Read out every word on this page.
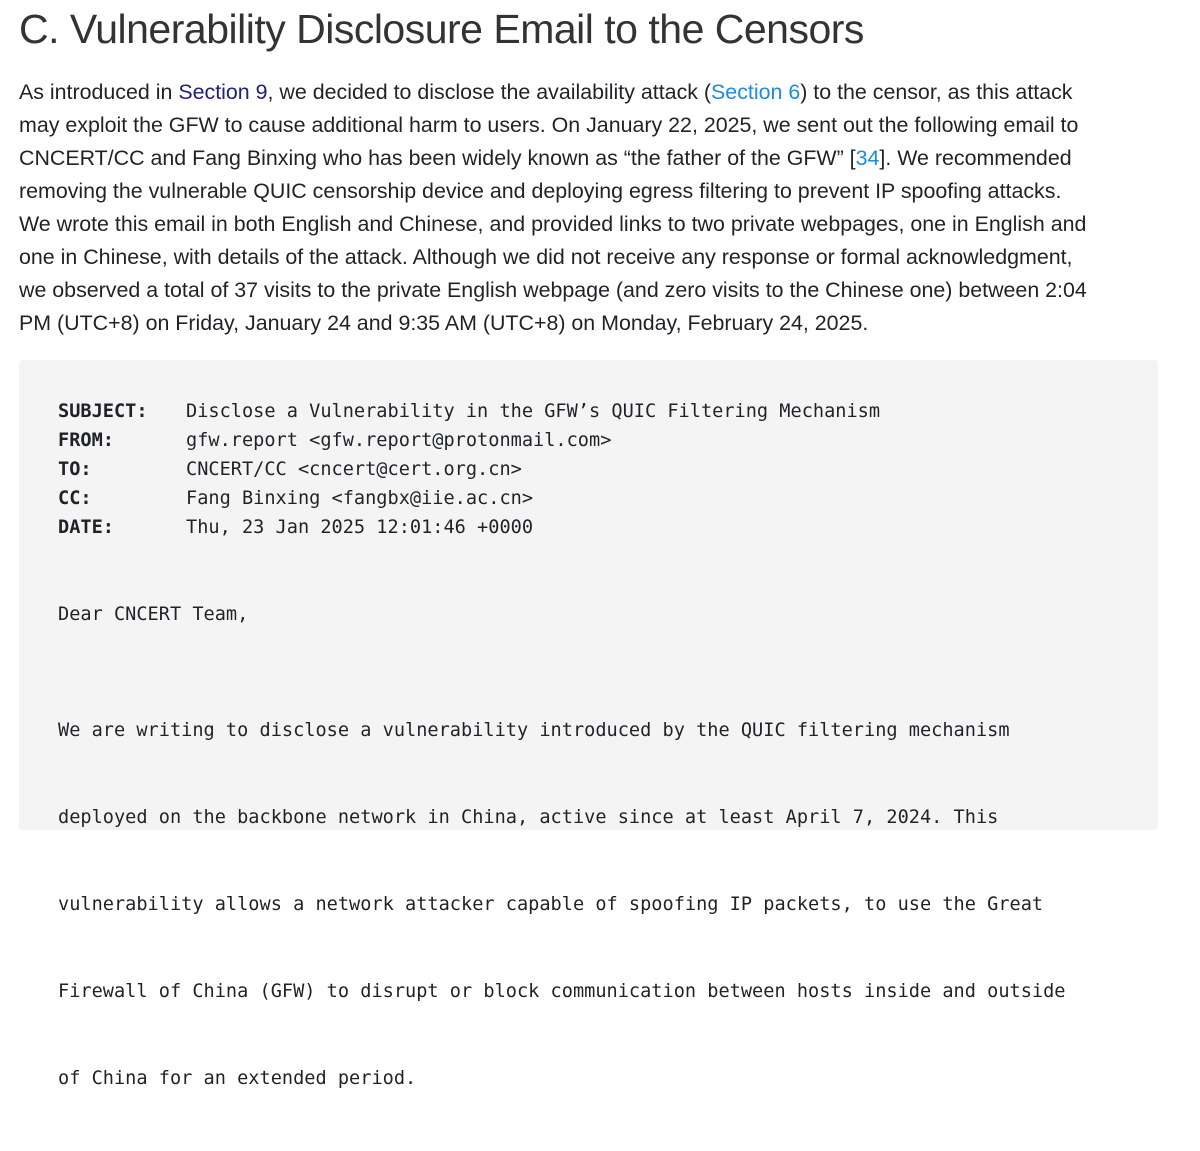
C. Vulnerability Disclosure Email to the Censors
As introduced in Section 9, we decided to disclose the availability attack (Section 6) to the censor, as this attack
may exploit the GFW to cause additional harm to users. On January 22, 2025, we sent out the following email to
CNCERT/CC and Fang Binxing who has been widely known as “the father of the GFW” [34]. We recommended
removing the vulnerable QUIC censorship device and deploying egress filtering to prevent IP spoofing attacks.
We wrote this email in both English and Chinese, and provided links to two private webpages, one in English and
one in Chinese, with details of the attack. Although we did not receive any response or formal acknowledgment,
we observed a total of 37 visits to the private English webpage (and zero visits to the Chinese one) between 2:04
PM (UTC+8) on Friday, January 24 and 9:35 AM (UTC+8) on Monday, February 24, 2025.
SUBJECT: Disclose a Vulnerability in the GFW’s QUIC Filtering Mechanism
FROM:	gfw.report <gfw.report@protonmail.com>
TO:	CNCERT/CC <cncert@cert.org.cn>
CC:	Fang Binxing <fangbx@iie.ac.cn>
DATE:	Thu, 23 Jan 2025 12:01:46 +0000
Dear CNCERT Team,

We are writing to disclose a vulnerability introduced by the QUIC filtering mechanism

deployed on the backbone network in China, active since at least April 7, 2024. This

vulnerability allows a network attacker capable of spoofing IP packets, to use the Great

Firewall of China (GFW) to disrupt or block communication between hosts inside and outside

of China for an extended period.
